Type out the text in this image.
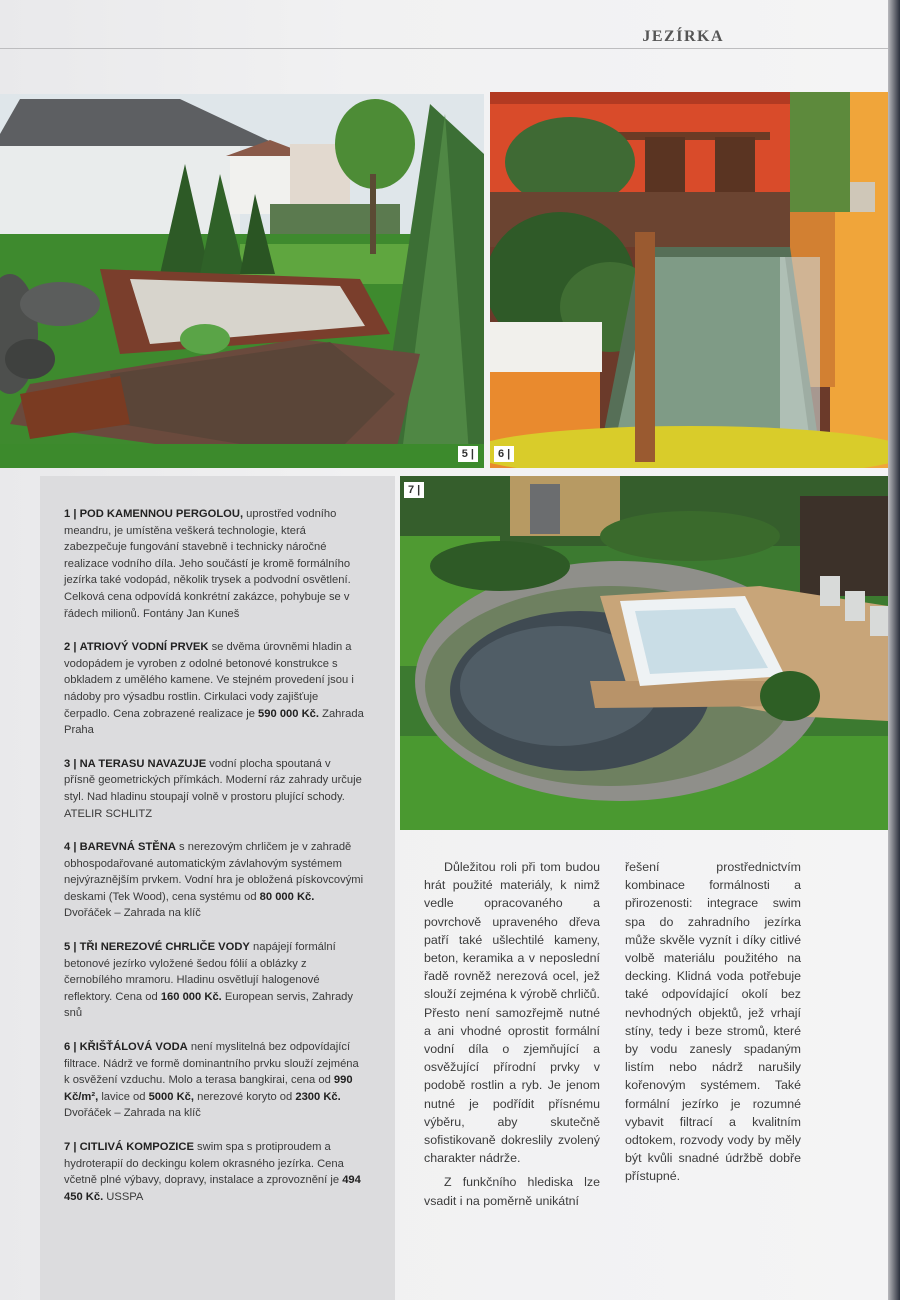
JEZÍRKA
5 |	6 |
7 |

1 | POD KAMENNOU PERGOLOU, uprostřed vodního meandru, je umístěna veškerá technologie, která zabezpečuje fungování stavebně i technicky náročné realizace vodního díla. Jeho součástí je kromě formálního jezírka také vodopád, několik trysek a podvodní osvětlení. Celková cena odpovídá konkrétní zakázce, pohybuje se v řádech milionů. Fontány Jan Kuneš

2 | ATRIOVÝ VODNÍ PRVEK se dvěma úrovněmi hladin a vodopádem je vyroben z odolné betonové konstrukce s obkladem z umělého kamene. Ve stejném provedení jsou i nádoby pro výsadbu rostlin. Cirkulaci vody zajišťuje čerpadlo. Cena zobrazené realizace je 590 000 Kč. Zahrada Praha

3 | NA TERASU NAVAZUJE vodní plocha spoutaná v přísně geometrických přímkách. Moderní ráz zahrady určuje styl. Nad hladinu stoupají volně v prostoru plující schody. ATELIR SCHLITZ

4 | BAREVNÁ STĚNA s nerezovým chrličem je v zahradě obhospodařované automatickým závlahovým systémem nejvýraznějším prvkem. Vodní hra je obložená pískovcovými deskami (Tek Wood), cena systému od 80 000 Kč. Dvořáček – Zahrada na klíč

5 | TŘI NEREZOVÉ CHRLIČE VODY napájejí formální betonové jezírko vyložené šedou fólií a oblázky z černobílého mramoru. Hladinu osvětlují halogenové reflektory. Cena od 160 000 Kč. European servis, Zahrady snů

6 | KŘIŠŤÁLOVÁ VODA není myslitelná bez odpovídající filtrace. Nádrž ve formě dominantního prvku slouží zejména k osvěžení vzduchu. Molo a terasa bangkirai, cena od 990 Kč/m², lavice od 5000 Kč, nerezové koryto od 2300 Kč. Dvořáček – Zahrada na klíč

7 | CITLIVÁ KOMPOZICE swim spa s protiproudem a hydroterapií do deckingu kolem okrasného jezírka. Cena včetně plné výbavy, dopravy, instalace a zprovoznění je 494 450 Kč. USSPA

Důležitou roli při tom budou hrát použité materiály, k nimž vedle opracovaného a povrchově upraveného dřeva patří také ušlechtilé kameny, beton, keramika a v neposlední řadě rovněž nerezová ocel, jež slouží zejména k výrobě chrličů. Přesto není samozřejmě nutné a ani vhodné oprostit formální vodní díla o zjemňující a osvěžující přírodní prvky v podobě rostlin a ryb. Je jenom nutné je podřídit přísnému výběru, aby skutečně sofistikovaně dokreslily zvolený charakter nádrže.

Z funkčního hlediska lze vsadit i na poměrně unikátní

řešení prostřednictvím kombinace formálnosti a přirozenosti: integrace swim spa do zahradního jezírka může skvěle vyznít i díky citlivé volbě materiálu použitého na decking. Klidná voda potřebuje také odpovídající okolí bez nevhodných objektů, jež vrhají stíny, tedy i beze stromů, které by vodu zanesly spadaným listím nebo nádrž narušily kořenovým systémem. Také formální jezírko je rozumné vybavit filtrací a kvalitním odtokem, rozvody vody by měly být kvůli snadné údržbě dobře přístupné.
